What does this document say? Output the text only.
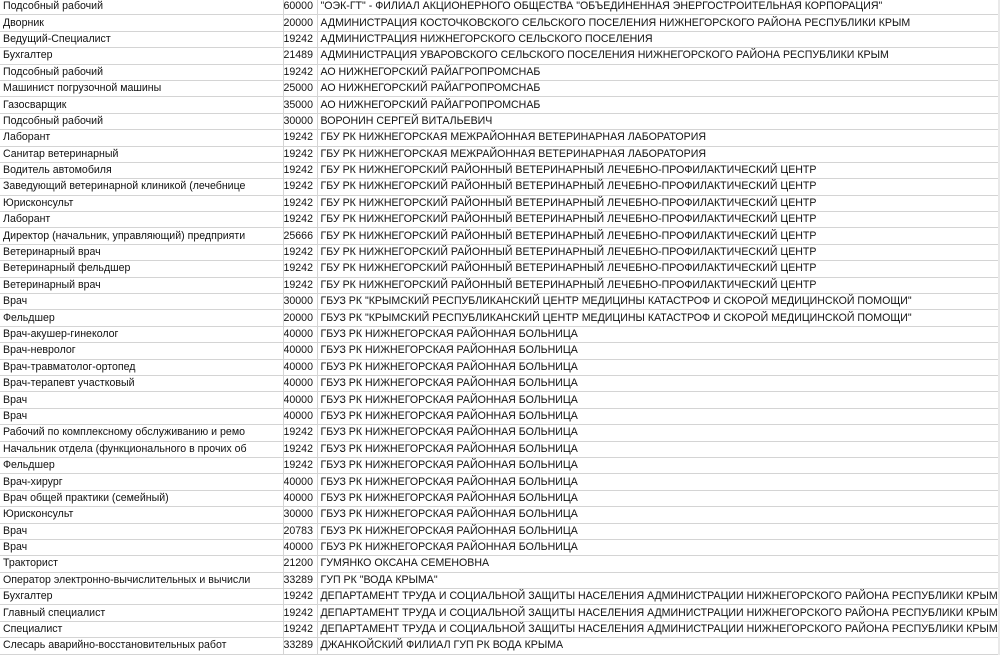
Подсобный рабочий	60000	"ОЭК-ГТ" - ФИЛИАЛ АКЦИОНЕРНОГО ОБЩЕСТВА "ОБЪЕДИНЕННАЯ ЭНЕРГОСТРОИТЕЛЬНАЯ КОРПОРАЦИЯ"
Дворник	20000	АДМИНИСТРАЦИЯ КОСТОЧКОВСКОГО СЕЛЬСКОГО ПОСЕЛЕНИЯ НИЖНЕГОРСКОГО РАЙОНА РЕСПУБЛИКИ КРЫМ
Ведущий-Специалист	19242	АДМИНИСТРАЦИЯ НИЖНЕГОРСКОГО СЕЛЬСКОГО ПОСЕЛЕНИЯ
Бухгалтер	21489	АДМИНИСТРАЦИЯ УВАРОВСКОГО СЕЛЬСКОГО ПОСЕЛЕНИЯ НИЖНЕГОРСКОГО РАЙОНА РЕСПУБЛИКИ КРЫМ
Подсобный рабочий	19242	АО НИЖНЕГОРСКИЙ РАЙАГРОПРОМСНАБ
Машинист погрузочной машины	25000	АО НИЖНЕГОРСКИЙ РАЙАГРОПРОМСНАБ
Газосварщик	35000	АО НИЖНЕГОРСКИЙ РАЙАГРОПРОМСНАБ
Подсобный рабочий	30000	ВОРОНИН СЕРГЕЙ ВИТАЛЬЕВИЧ
Лаборант	19242	ГБУ РК НИЖНЕГОРСКАЯ МЕЖРАЙОННАЯ ВЕТЕРИНАРНАЯ ЛАБОРАТОРИЯ
Санитар ветеринарный	19242	ГБУ РК НИЖНЕГОРСКАЯ МЕЖРАЙОННАЯ ВЕТЕРИНАРНАЯ ЛАБОРАТОРИЯ
Водитель автомобиля	19242	ГБУ РК НИЖНЕГОРСКИЙ РАЙОННЫЙ ВЕТЕРИНАРНЫЙ ЛЕЧЕБНО-ПРОФИЛАКТИЧЕСКИЙ ЦЕНТР
Заведующий ветеринарной клиникой (лечебнице	19242	ГБУ РК НИЖНЕГОРСКИЙ РАЙОННЫЙ ВЕТЕРИНАРНЫЙ ЛЕЧЕБНО-ПРОФИЛАКТИЧЕСКИЙ ЦЕНТР
Юрисконсульт	19242	ГБУ РК НИЖНЕГОРСКИЙ РАЙОННЫЙ ВЕТЕРИНАРНЫЙ ЛЕЧЕБНО-ПРОФИЛАКТИЧЕСКИЙ ЦЕНТР
Лаборант	19242	ГБУ РК НИЖНЕГОРСКИЙ РАЙОННЫЙ ВЕТЕРИНАРНЫЙ ЛЕЧЕБНО-ПРОФИЛАКТИЧЕСКИЙ ЦЕНТР
Директор (начальник, управляющий) предприяти	25666	ГБУ РК НИЖНЕГОРСКИЙ РАЙОННЫЙ ВЕТЕРИНАРНЫЙ ЛЕЧЕБНО-ПРОФИЛАКТИЧЕСКИЙ ЦЕНТР
Ветеринарный врач	19242	ГБУ РК НИЖНЕГОРСКИЙ РАЙОННЫЙ ВЕТЕРИНАРНЫЙ ЛЕЧЕБНО-ПРОФИЛАКТИЧЕСКИЙ ЦЕНТР
Ветеринарный фельдшер	19242	ГБУ РК НИЖНЕГОРСКИЙ РАЙОННЫЙ ВЕТЕРИНАРНЫЙ ЛЕЧЕБНО-ПРОФИЛАКТИЧЕСКИЙ ЦЕНТР
Ветеринарный врач	19242	ГБУ РК НИЖНЕГОРСКИЙ РАЙОННЫЙ ВЕТЕРИНАРНЫЙ ЛЕЧЕБНО-ПРОФИЛАКТИЧЕСКИЙ ЦЕНТР
Врач	30000	ГБУЗ РК "КРЫМСКИЙ РЕСПУБЛИКАНСКИЙ ЦЕНТР МЕДИЦИНЫ КАТАСТРОФ И СКОРОЙ МЕДИЦИНСКОЙ ПОМОЩИ"
Фельдшер	20000	ГБУЗ РК "КРЫМСКИЙ РЕСПУБЛИКАНСКИЙ ЦЕНТР МЕДИЦИНЫ КАТАСТРОФ И СКОРОЙ МЕДИЦИНСКОЙ ПОМОЩИ"
Врач-акушер-гинеколог	40000	ГБУЗ РК НИЖНЕГОРСКАЯ РАЙОННАЯ БОЛЬНИЦА
Врач-невролог	40000	ГБУЗ РК НИЖНЕГОРСКАЯ РАЙОННАЯ БОЛЬНИЦА
Врач-травматолог-ортопед	40000	ГБУЗ РК НИЖНЕГОРСКАЯ РАЙОННАЯ БОЛЬНИЦА
Врач-терапевт участковый	40000	ГБУЗ РК НИЖНЕГОРСКАЯ РАЙОННАЯ БОЛЬНИЦА
Врач	40000	ГБУЗ РК НИЖНЕГОРСКАЯ РАЙОННАЯ БОЛЬНИЦА
Врач	40000	ГБУЗ РК НИЖНЕГОРСКАЯ РАЙОННАЯ БОЛЬНИЦА
Рабочий по комплексному обслуживанию и ремо	19242	ГБУЗ РК НИЖНЕГОРСКАЯ РАЙОННАЯ БОЛЬНИЦА
Начальник отдела (функционального в прочих об	19242	ГБУЗ РК НИЖНЕГОРСКАЯ РАЙОННАЯ БОЛЬНИЦА
Фельдшер	19242	ГБУЗ РК НИЖНЕГОРСКАЯ РАЙОННАЯ БОЛЬНИЦА
Врач-хирург	40000	ГБУЗ РК НИЖНЕГОРСКАЯ РАЙОННАЯ БОЛЬНИЦА
Врач общей практики (семейный)	40000	ГБУЗ РК НИЖНЕГОРСКАЯ РАЙОННАЯ БОЛЬНИЦА
Юрисконсульт	30000	ГБУЗ РК НИЖНЕГОРСКАЯ РАЙОННАЯ БОЛЬНИЦА
Врач	20783	ГБУЗ РК НИЖНЕГОРСКАЯ РАЙОННАЯ БОЛЬНИЦА
Врач	40000	ГБУЗ РК НИЖНЕГОРСКАЯ РАЙОННАЯ БОЛЬНИЦА
Тракторист	21200	ГУМЯНКО ОКСАНА СЕМЕНОВНА
Оператор электронно-вычислительных и вычисли	33289	ГУП РК "ВОДА КРЫМА"
Бухгалтер	19242	ДЕПАРТАМЕНТ ТРУДА И СОЦИАЛЬНОЙ ЗАЩИТЫ НАСЕЛЕНИЯ АДМИНИСТРАЦИИ НИЖНЕГОРСКОГО РАЙОНА РЕСПУБЛИКИ КРЫМ
Главный специалист	19242	ДЕПАРТАМЕНТ ТРУДА И СОЦИАЛЬНОЙ ЗАЩИТЫ НАСЕЛЕНИЯ АДМИНИСТРАЦИИ НИЖНЕГОРСКОГО РАЙОНА РЕСПУБЛИКИ КРЫМ
Специалист	19242	ДЕПАРТАМЕНТ ТРУДА И СОЦИАЛЬНОЙ ЗАЩИТЫ НАСЕЛЕНИЯ АДМИНИСТРАЦИИ НИЖНЕГОРСКОГО РАЙОНА РЕСПУБЛИКИ КРЫМ
Слесарь аварийно-восстановительных работ	33289	ДЖАНКОЙСКИЙ ФИЛИАЛ ГУП РК ВОДА КРЫМА
